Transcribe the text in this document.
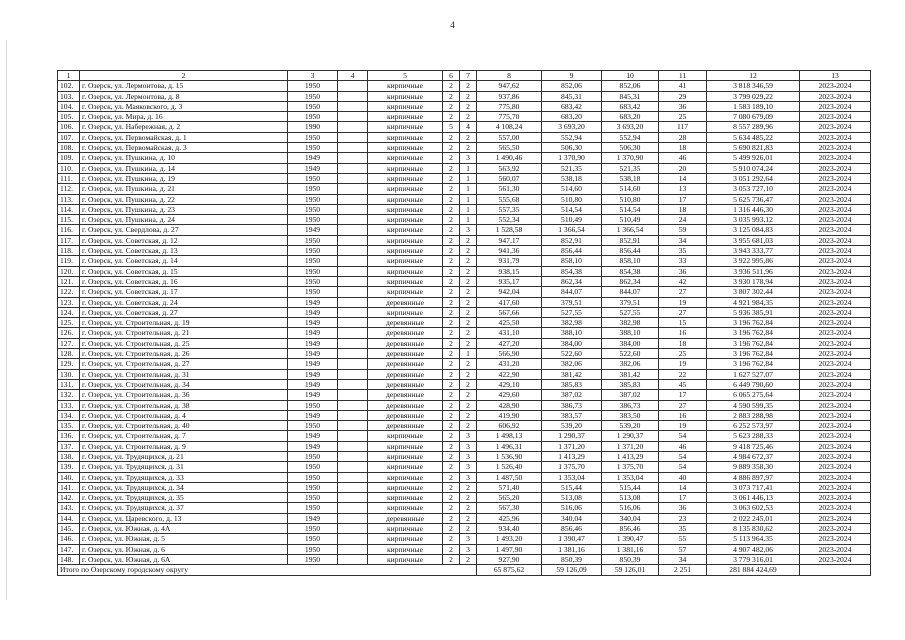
4
1	2	3	4	5	6	7	8	9	10	11	12	13
102.	г. Озерск, ул. Лермонтова, д. 15	1950		кирпичные	2	2	947,62	852,06	852,06	41	3 818 346,59	2023-2024
103.	г. Озерск, ул. Лермонтова, д. 8	1950		кирпичные	2	2	937,86	845,31	845,31	29	3 799 029,22	2023-2024
104.	г. Озерск, ул. Маяковского, д. 3	1950		кирпичные	2	2	775,80	683,42	683,42	36	1 583 189,10	2023-2024
105.	г. Озерск, ул. Мира, д. 16	1950		кирпичные	2	2	775,70	683,20	683,20	25	7 080 679,09	2023-2024
106.	г. Озерск, ул. Набережная, д. 2	1990		кирпичные	5	4	4 108,24	3 693,20	3 693,20	117	8 557 289,96	2023-2024
107.	г. Озерск, ул. Первомайская, д. 1	1950		кирпичные	2	2	557,00	552,94	552,94	28	5 634 485,22	2023-2024
108.	г. Озерск, ул. Первомайская, д. 3	1950		кирпичные	2	2	565,50	506,30	506,30	18	5 690 821,83	2023-2024
109.	г. Озерск, ул. Пушкина, д. 10	1949		кирпичные	2	3	1 490,46	1 370,90	1 370,90	46	5 499 926,01	2023-2024
110.	г. Озерск, ул. Пушкина, д. 14	1949		кирпичные	2	1	563,92	521,35	521,35	20	5 910 074,24	2023-2024
111.	г. Озерск, ул. Пушкина, д. 19	1950		кирпичные	2	1	560,07	538,18	538,18	14	3 051 292,64	2023-2024
112.	г. Озерск, ул. Пушкина, д. 21	1950		кирпичные	2	1	561,30	514,60	514,60	13	3 053 727,10	2023-2024
113.	г. Озерск, ул. Пушкина, д. 22	1950		кирпичные	2	1	555,68	510,80	510,80	17	5 625 736,47	2023-2024
114.	г. Озерск, ул. Пушкина, д. 23	1950		кирпичные	2	1	557,35	514,54	514,54	18	1 316 446,30	2023-2024
115.	г. Озерск, ул. Пушкина, д. 24	1950		кирпичные	2	1	552,34	510,49	510,49	24	3 035 993,12	2023-2024
116.	г. Озерск, ул. Свердлова, д. 27	1949		кирпичные	2	3	1 528,58	1 366,54	1 366,54	59	3 125 084,83	2023-2024
117.	г. Озерск, ул. Советская, д. 12	1950		кирпичные	2	2	947,17	852,91	852,91	34	3 955 681,03	2023-2024
118.	г. Озерск, ул. Советская, д. 13	1950		кирпичные	2	2	941,36	856,44	856,44	35	3 943 333,77	2023-2024
119.	г. Озерск, ул. Советская, д. 14	1950		кирпичные	2	2	931,79	858,10	858,10	33	3 922 995,86	2023-2024
120.	г. Озерск, ул. Советская, д. 15	1950		кирпичные	2	2	938,15	854,38	854,38	36	3 936 511,96	2023-2024
121.	г. Озерск, ул. Советская, д. 16	1950		кирпичные	2	2	935,17	862,34	862,34	42	3 930 178,94	2023-2024
122.	г. Озерск, ул. Советская, д. 17	1950		кирпичные	2	2	942,04	844,07	844,07	27	3 807 302,44	2023-2024
123.	г. Озерск, ул. Советская, д. 24	1949		деревянные	2	2	417,60	379,51	379,51	19	4 921 984,35	2023-2024
124.	г. Озерск, ул. Советская, д. 27	1949		кирпичные	2	2	567,66	527,55	527,55	27	5 936 385,91	2023-2024
125.	г. Озерск, ул. Строительная, д. 19	1949		деревянные	2	2	425,50	382,98	382,98	15	3 196 762,84	2023-2024
126.	г. Озерск, ул. Строительная, д. 21	1949		деревянные	2	2	431,10	388,10	388,10	16	3 196 762,84	2023-2024
127.	г. Озерск, ул. Строительная, д. 25	1949		деревянные	2	2	427,20	384,00	384,00	18	3 196 762,84	2023-2024
128.	г. Озерск, ул. Строительная, д. 26	1949		деревянные	2	1	566,90	522,60	522,60	25	3 196 762,84	2023-2024
129.	г. Озерск, ул. Строительная, д. 27	1949		деревянные	2	2	431,20	382,06	382,06	19	3 196 762,84	2023-2024
130.	г. Озерск, ул. Строительная, д. 31	1949		деревянные	2	2	422,90	381,42	381,42	22	1 627 527,07	2023-2024
131.	г. Озерск, ул. Строительная, д. 34	1949		деревянные	2	2	429,10	385,83	385,83	45	6 449 790,60	2023-2024
132.	г. Озерск, ул. Строительная, д. 36	1949		деревянные	2	2	429,60	387,02	387,02	17	6 065 275,64	2023-2024
133.	г. Озерск, ул. Строительная, д. 38	1950		деревянные	2	2	428,90	386,73	386,73	27	4 590 599,35	2023-2024
134.	г. Озерск, ул. Строительная, д. 4	1949		деревянные	2	2	419,90	383,57	383,50	16	2 883 288,98	2023-2024
135.	г. Озерск, ул. Строительная, д. 40	1950		деревянные	2	2	606,92	539,20	539,20	19	6 252 573,97	2023-2024
136.	г. Озерск, ул. Строительная, д. 7	1949		кирпичные	2	3	1 498,13	1 290,37	1 290,37	54	5 623 288,33	2023-2024
137.	г. Озерск, ул. Строительная, д. 9	1949		кирпичные	2	3	1 496,31	1 371,20	1 371,20	46	9 418 725,46	2023-2024
138.	г. Озерск, ул. Трудящихся, д. 21	1950		кирпичные	2	3	1 536,90	1 413,29	1 413,29	54	4 984 672,37	2023-2024
139.	г. Озерск, ул. Трудящихся, д. 31	1950		кирпичные	2	3	1 526,40	1 375,70	1 375,70	54	9 889 358,30	2023-2024
140.	г. Озерск, ул. Трудящихся, д. 33	1950		кирпичные	2	3	1 487,50	1 353,04	1 353,04	40	4 886 897,97	2023-2024
141.	г. Озерск, ул. Трудящихся, д. 34	1950		кирпичные	2	2	571,40	515,44	515,44	14	3 073 717,41	2023-2024
142.	г. Озерск, ул. Трудящихся, д. 35	1950		кирпичные	2	2	565,20	513,08	513,08	17	3 061 446,13	2023-2024
143.	г. Озерск, ул. Трудящихся, д. 37	1950		кирпичные	2	2	567,30	516,06	516,06	36	3 063 602,53	2023-2024
144.	г. Озерск, ул. Царевского, д. 13	1949		деревянные	2	2	425,96	340,04	340,04	23	2 022 245,01	2023-2024
145.	г. Озерск, ул. Южная, д. 4А	1950		кирпичные	2	2	934,40	856,46	856,46	35	8 135 830,62	2023-2024
146.	г. Озерск, ул. Южная, д. 5	1950		кирпичные	2	3	1 493,20	1 390,47	1 390,47	55	5 113 964,35	2023-2024
147.	г. Озерск, ул. Южная, д. 6	1950		кирпичные	2	3	1 497,90	1 381,16	1 381,16	57	4 907 482,06	2023-2024
148.	г. Озерск, ул. Южная, д. 6А	1950		кирпичные	2	2	927,90	850,39	850,39	34	3 779 316,01	2023-2024
Итого по Озерскому городскому округу							65 875,62	59 126,09	59 126,01	2 251	281 884 424,69	
